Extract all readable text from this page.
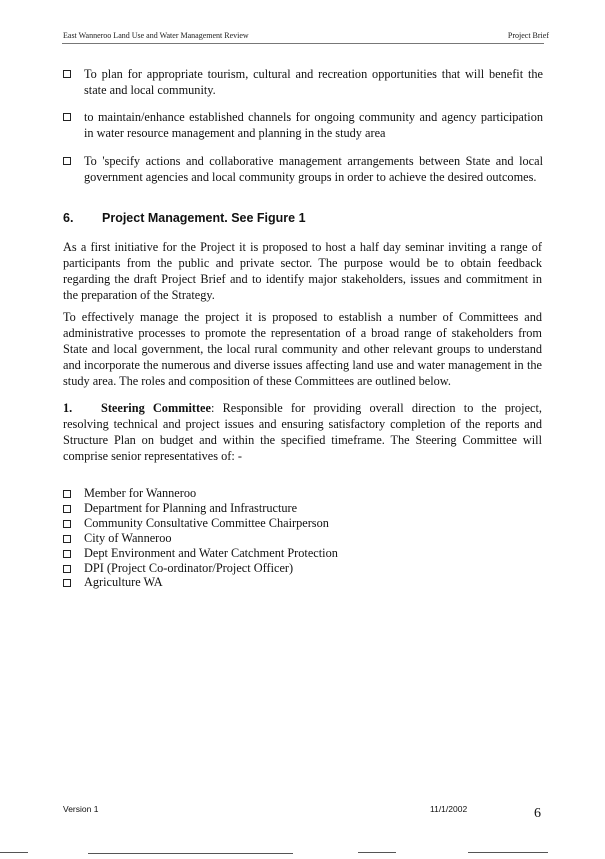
East Wanneroo Land Use and Water Management Review	Project Brief
To plan for appropriate tourism, cultural and recreation opportunities that will benefit the state and local community.
to maintain/enhance established channels for ongoing community and agency participation in water resource management and planning in the study area
To 'specify actions and collaborative management arrangements between State and local government agencies and local community groups in order to achieve the desired outcomes.
6. Project Management. See Figure 1

As a first initiative for the Project it is proposed to host a half day seminar inviting a range of participants from the public and private sector. The purpose would be to obtain feedback regarding the draft Project Brief and to identify major stakeholders, issues and commitment in the preparation of the Strategy.

To effectively manage the project it is proposed to establish a number of Committees and administrative processes to promote the representation of a broad range of stakeholders from State and local government, the local rural community and other relevant groups to understand and incorporate the numerous and diverse issues affecting land use and water management in the study area. The roles and composition of these Committees are outlined below.

1. Steering Committee: Responsible for providing overall direction to the project, resolving technical and project issues and ensuring satisfactory completion of the reports and Structure Plan on budget and within the specified timeframe. The Steering Committee will comprise senior representatives of: -

Member for Wanneroo
Department for Planning and Infrastructure
Community Consultative Committee Chairperson
City of Wanneroo
Dept Environment and Water Catchment Protection
DPI (Project Co-ordinator/Project Officer)
Agriculture WA
Version 1	11/1/2002	6
